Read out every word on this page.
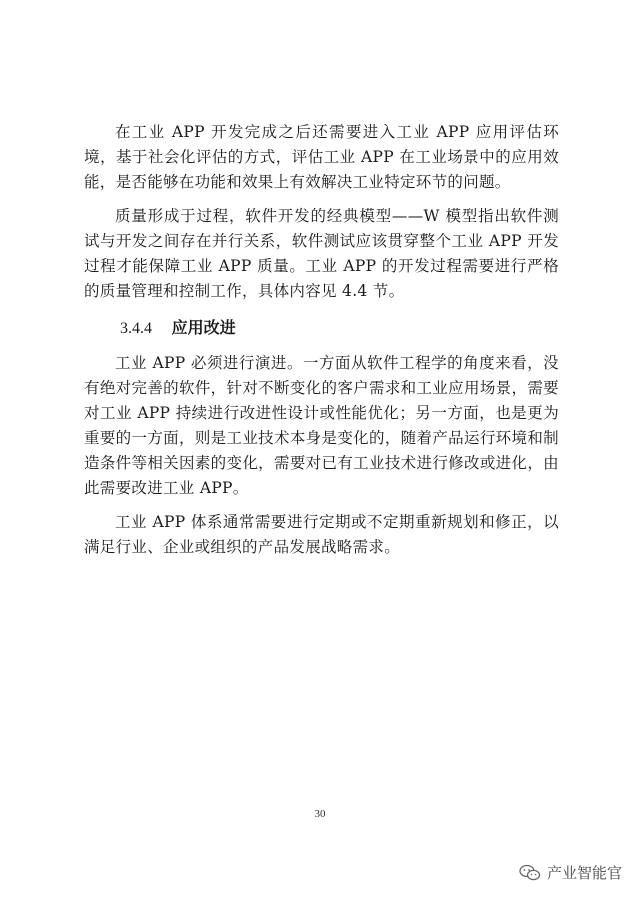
在工业 APP 开发完成之后还需要进入工业 APP 应用评估环境，基于社会化评估的方式，评估工业 APP 在工业场景中的应用效能，是否能够在功能和效果上有效解决工业特定环节的问题。

质量形成于过程，软件开发的经典模型——W 模型指出软件测试与开发之间存在并行关系，软件测试应该贯穿整个工业 APP 开发过程才能保障工业 APP 质量。工业 APP 的开发过程需要进行严格的质量管理和控制工作，具体内容见 4.4 节。

3.4.4 应用改进

工业 APP 必须进行演进。一方面从软件工程学的角度来看，没有绝对完善的软件，针对不断变化的客户需求和工业应用场景，需要对工业 APP 持续进行改进性设计或性能优化；另一方面，也是更为重要的一方面，则是工业技术本身是变化的，随着产品运行环境和制造条件等相关因素的变化，需要对已有工业技术进行修改或进化，由此需要改进工业 APP。

工业 APP 体系通常需要进行定期或不定期重新规划和修正，以满足行业、企业或组织的产品发展战略需求。

30
产业智能官
